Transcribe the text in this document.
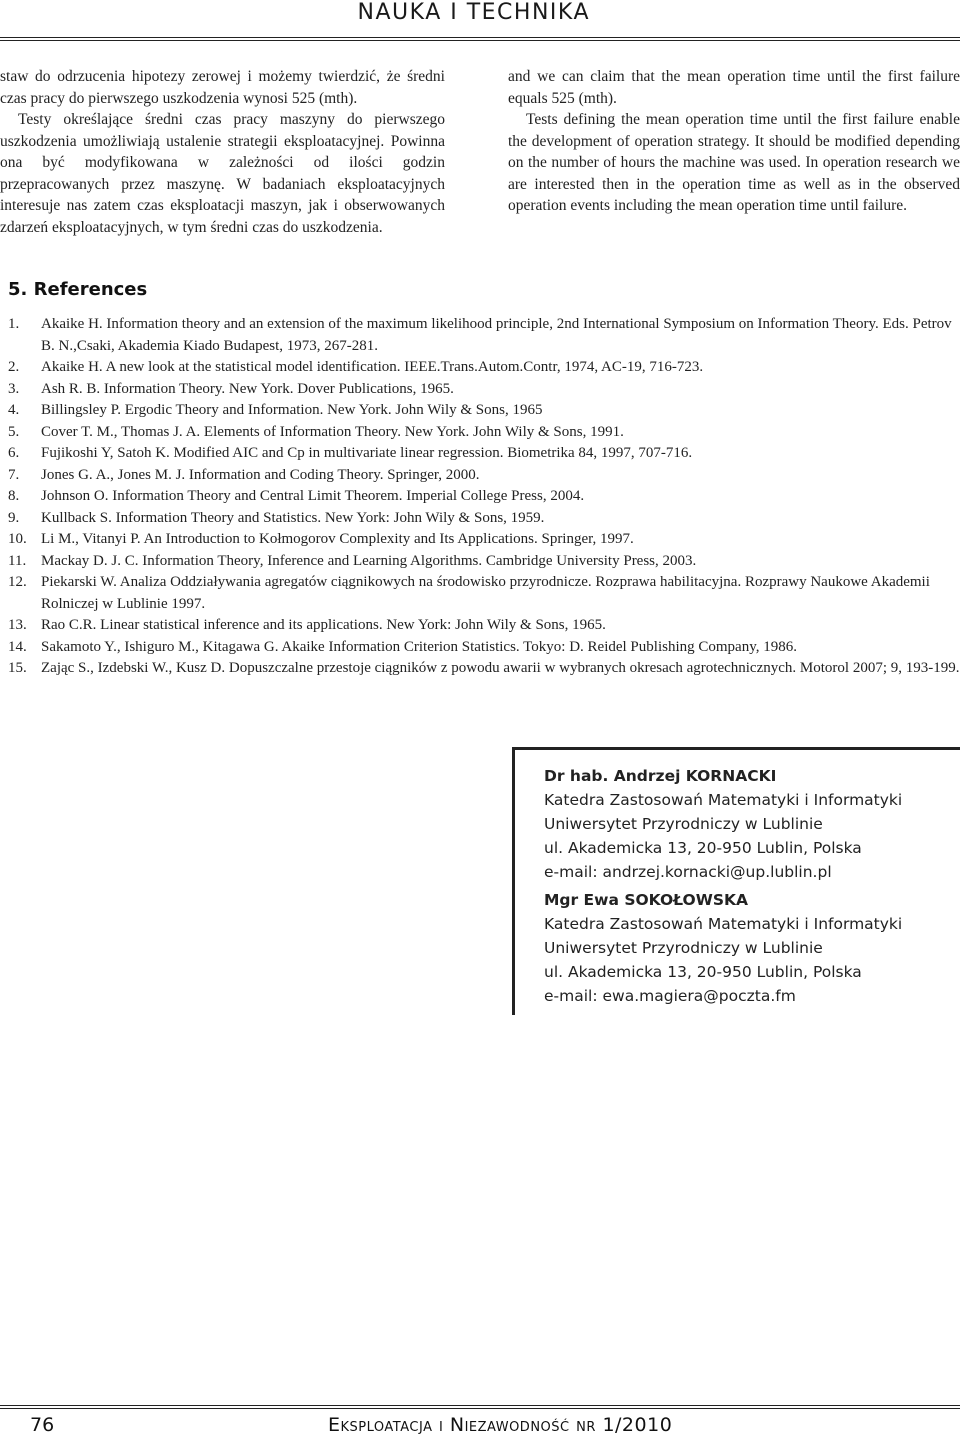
NAUKA I TECHNIKA

staw do odrzucenia hipotezy zerowej i możemy twierdzić, że średni czas pracy do pierwszego uszkodzenia wynosi 525 (mth).

Testy określające średni czas pracy maszyny do pierwszego uszkodzenia umożliwiają ustalenie strategii eksploatacyjnej. Powinna ona być modyfikowana w zależności od ilości godzin przepracowanych przez maszynę. W badaniach eksploatacyjnych interesuje nas zatem czas eksploatacji maszyn, jak i obserwowanych zdarzeń eksploatacyjnych, w tym średni czas do uszkodzenia.

and we can claim that the mean operation time until the first failure equals 525 (mth).

Tests defining the mean operation time until the first failure enable the development of operation strategy. It should be modified depending on the number of hours the machine was used. In operation research we are interested then in the operation time as well as in the observed operation events including the mean operation time until failure.

5. References
1. Akaike H. Information theory and an extension of the maximum likelihood principle, 2nd International Symposium on Information Theory. Eds. Petrov B. N.,Csaki, Akademia Kiado Budapest, 1973, 267-281.
2. Akaike H. A new look at the statistical model identification. IEEE.Trans.Autom.Contr, 1974, AC-19, 716-723.
3. Ash R. B. Information Theory. New York. Dover Publications, 1965.
4. Billingsley P. Ergodic Theory and Information. New York. John Wily & Sons, 1965
5. Cover T. M., Thomas J. A. Elements of Information Theory. New York. John Wily & Sons, 1991.
6. Fujikoshi Y, Satoh K. Modified AIC and Cp in multivariate linear regression. Biometrika 84, 1997, 707-716.
7. Jones G. A., Jones M. J. Information and Coding Theory. Springer, 2000.
8. Johnson O. Information Theory and Central Limit Theorem. Imperial College Press, 2004.
9. Kullback S. Information Theory and Statistics. New York: John Wily & Sons, 1959.
10. Li M., Vitanyi P. An Introduction to Kołmogorov Complexity and Its Applications. Springer, 1997.
11. Mackay D. J. C. Information Theory, Inference and Learning Algorithms. Cambridge University Press, 2003.
12. Piekarski W. Analiza Oddziaływania agregatów ciągnikowych na środowisko przyrodnicze. Rozprawa habilitacyjna. Rozprawy Naukowe Akademii Rolniczej w Lublinie 1997.
13. Rao C.R. Linear statistical inference and its applications. New York: John Wily & Sons, 1965.
14. Sakamoto Y., Ishiguro M., Kitagawa G. Akaike Information Criterion Statistics. Tokyo: D. Reidel Publishing Company, 1986.
15. Zając S., Izdebski W., Kusz D. Dopuszczalne przestoje ciągników z powodu awarii w wybranych okresach agrotechnicznych. Motorol 2007; 9, 193-199.
Dr hab. Andrzej KORNACKI
Katedra Zastosowań Matematyki i Informatyki
Uniwersytet Przyrodniczy w Lublinie
ul. Akademicka 13, 20-950 Lublin, Polska
e-mail: andrzej.kornacki@up.lublin.pl
Mgr Ewa SOKOŁOWSKA
Katedra Zastosowań Matematyki i Informatyki
Uniwersytet Przyrodniczy w Lublinie
ul. Akademicka 13, 20-950 Lublin, Polska
e-mail: ewa.magiera@poczta.fm
76	Eksploatacja i Niezawodność nr 1/2010
